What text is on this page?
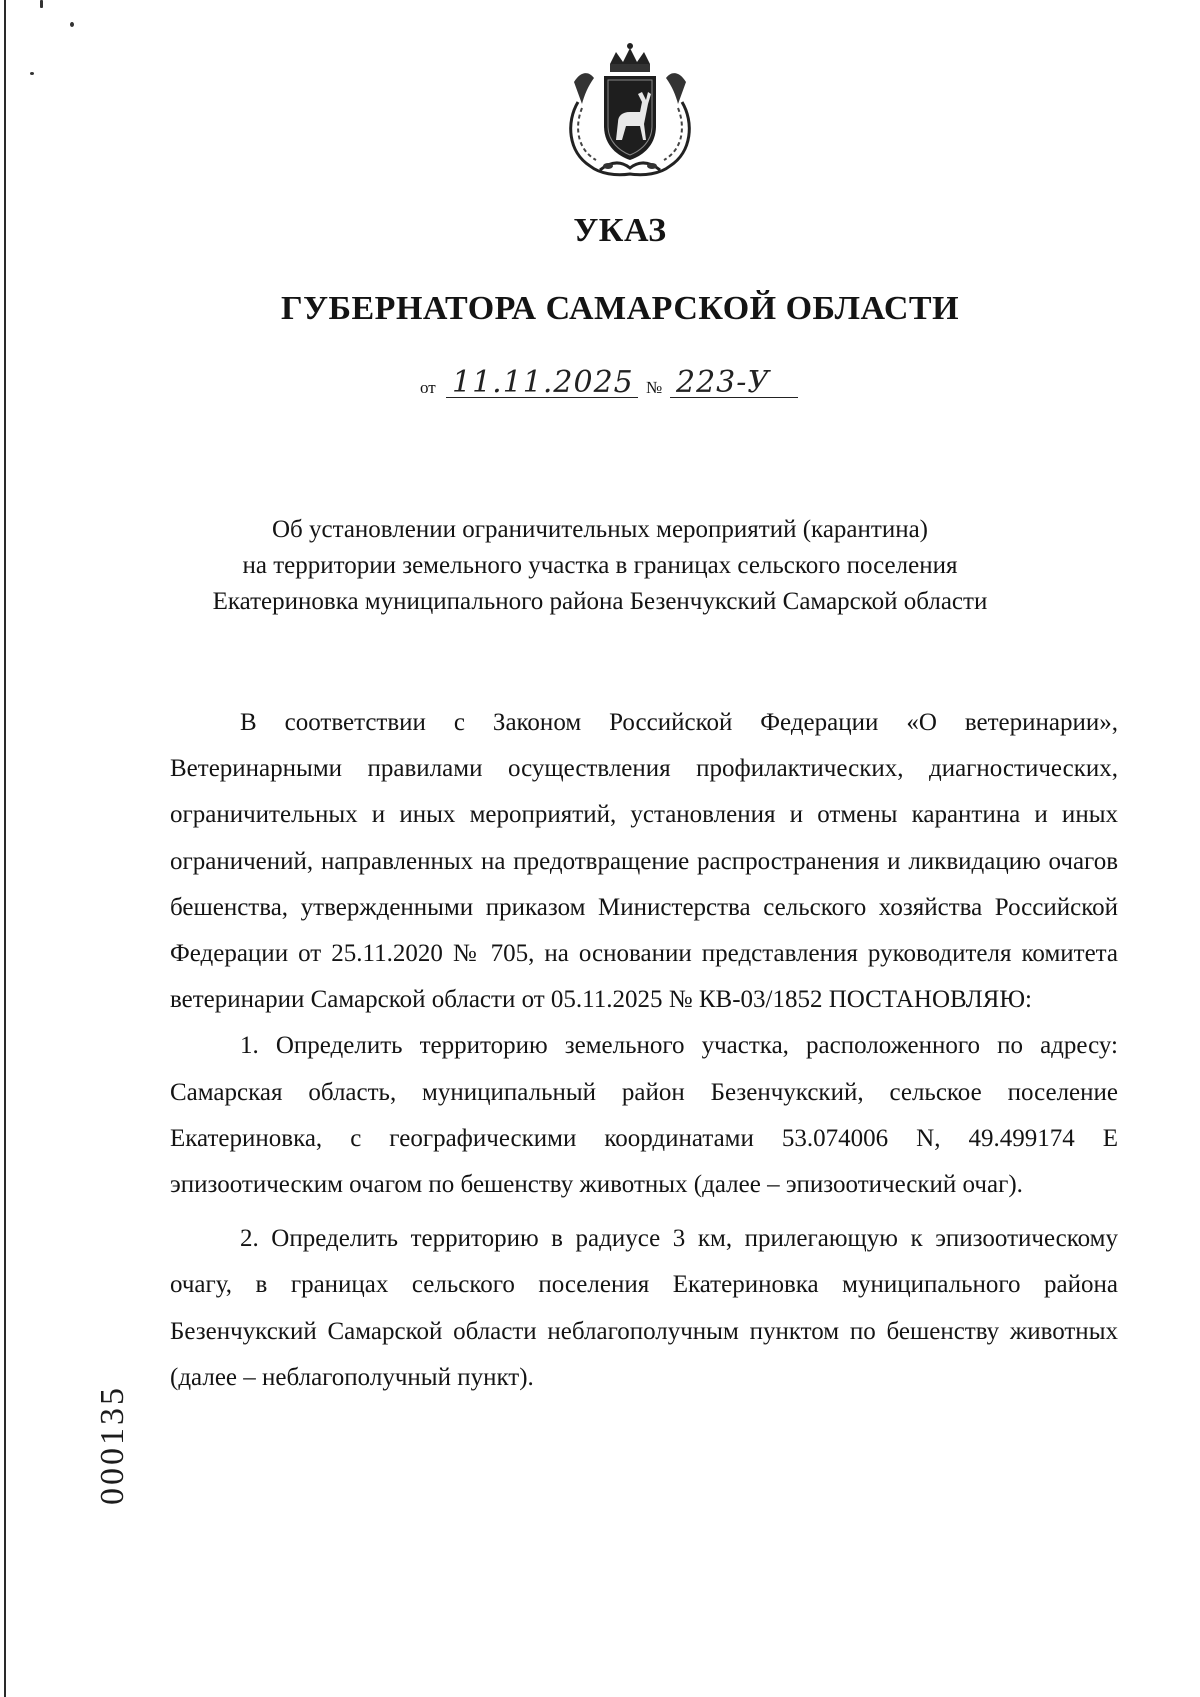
УКАЗ
ГУБЕРНАТОРА САМАРСКОЙ ОБЛАСТИ
от 11.11.2025 № 223-У
Об установлении ограничительных мероприятий (карантина)
на территории земельного участка в границах сельского поселения
Екатериновка муниципального района Безенчукский Самарской области

В соответствии с Законом Российской Федерации «О ветеринарии», Ветеринарными правилами осуществления профилактических, диагностических, ограничительных и иных мероприятий, установления и отмены карантина и иных ограничений, направленных на предотвращение распространения и ликвидацию очагов бешенства, утвержденными приказом Министерства сельского хозяйства Российской Федерации от 25.11.2020 № 705, на основании представления руководителя комитета ветеринарии Самарской области от 05.11.2025 № КВ-03/1852 ПОСТАНОВЛЯЮ:

1. Определить территорию земельного участка, расположенного по адресу: Самарская область, муниципальный район Безенчукский, сельское поселение Екатериновка, с географическими координатами 53.074006 N, 49.499174 E эпизоотическим очагом по бешенству животных (далее – эпизоотический очаг).

2. Определить территорию в радиусе 3 км, прилегающую к эпизоотическому очагу, в границах сельского поселения Екатериновка муниципального района Безенчукский Самарской области неблагополучным пунктом по бешенству животных (далее – неблагополучный пункт).

000135
